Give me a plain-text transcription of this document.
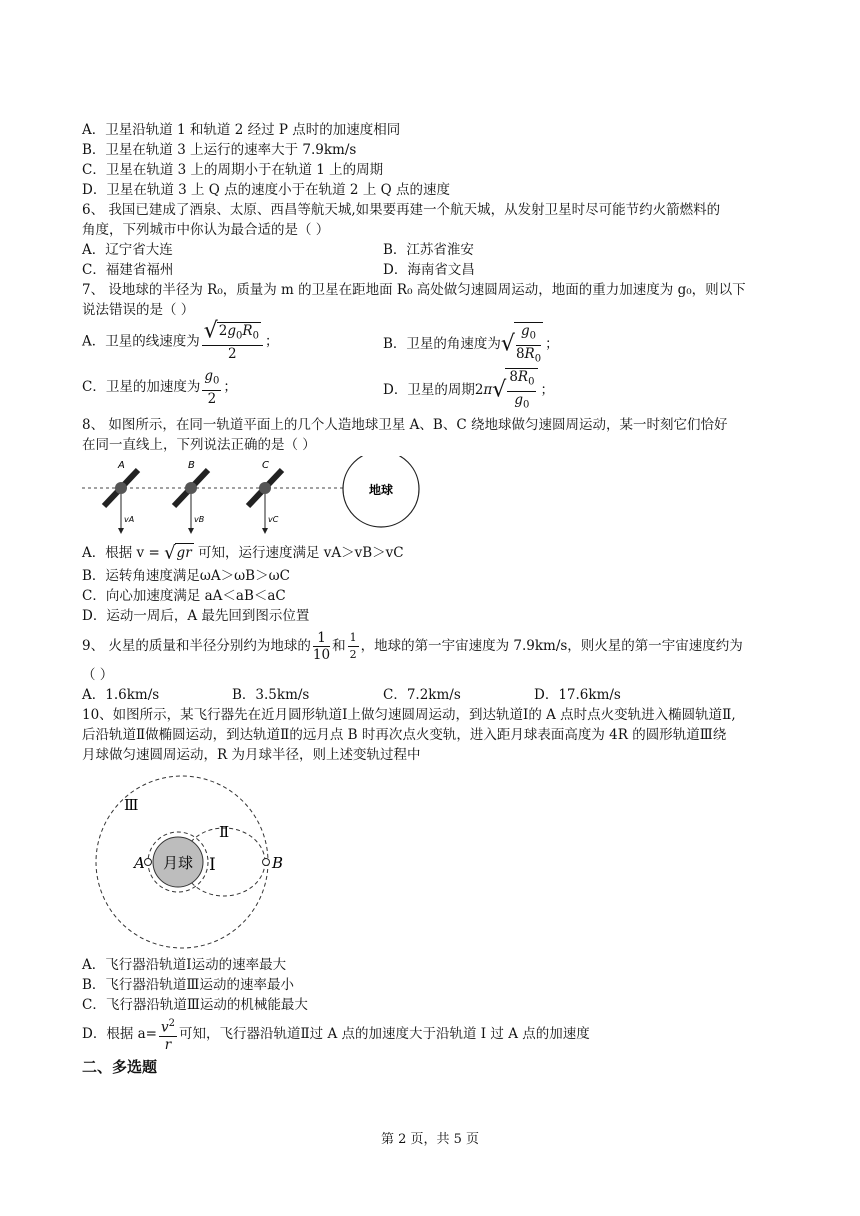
A．卫星沿轨道 1 和轨道 2 经过 P 点时的加速度相同
B．卫星在轨道 3 上运行的速率大于 7.9km/s
C．卫星在轨道 3 上的周期小于在轨道 1 上的周期
D．卫星在轨道 3 上 Q 点的速度小于在轨道 2 上 Q 点的速度
6、 我国已建成了酒泉、太原、西昌等航天城,如果要再建一个航天城，从发射卫星时尽可能节约火箭燃料的
角度，下列城市中你认为最合适的是（ ）
A．辽宁省大连	B．江苏省淮安
C．福建省福州	D．海南省文昌
7、 设地球的半径为 R₀，质量为 m 的卫星在距地面 R₀ 高处做匀速圆周运动，地面的重力加速度为 g₀，则以下
说法错误的是（ ）
A．卫星的线速度为 $\frac{√2g_0R_0}{2}$ ；	B．卫星的角速度为√ $\frac{g_0}{8R_0}$ ；
C．卫星的加速度为 $\frac{g_0}{2}$ ；	D．卫星的周期$2\pi√ \frac{8R_0}{g_0}$ ；
8、 如图所示，在同一轨道平面上的几个人造地球卫星 A、B、C 绕地球做匀速圆周运动，某一时刻它们恰好
在同一直线上，下列说法正确的是（ ）
A	B	C
vA	vB	vC
地球
A．根据 v = √gr 可知，运行速度满足 vA＞vB＞vC
B．运转角速度满足ωA＞ωB＞ωC
C．向心加速度满足 aA＜aB＜aC
D．运动一周后，A 最先回到图示位置
9、 火星的质量和半径分别约为地球的 $\frac{1}{10}$ 和 $\frac{1}{2}$ ，地球的第一宇宙速度为 7.9km/s，则火星的第一宇宙速度约为
（ ）
A．1.6km/s	B．3.5km/s	C．7.2km/s	D．17.6km/s
10、如图所示，某飞行器先在近月圆形轨道Ⅰ上做匀速圆周运动，到达轨道Ⅰ的 A 点时点火变轨进入椭圆轨道Ⅱ,
后沿轨道Ⅱ做椭圆运动，到达轨道Ⅱ的远月点 B 时再次点火变轨，进入距月球表面高度为 4R 的圆形轨道Ⅲ绕
月球做匀速圆周运动，R 为月球半径，则上述变轨过程中
月球 I
Ⅱ
Ⅲ
A	B
A．飞行器沿轨道Ⅰ运动的速率最大
B．飞行器沿轨道Ⅲ运动的速率最小
C．飞行器沿轨道Ⅲ运动的机械能最大
D．根据 $a= \frac{v^2}{r}$ 可知，飞行器沿轨道Ⅱ过 A 点的加速度大于沿轨道 I 过 A 点的加速度
二、多选题
第 2 页，共 5 页
